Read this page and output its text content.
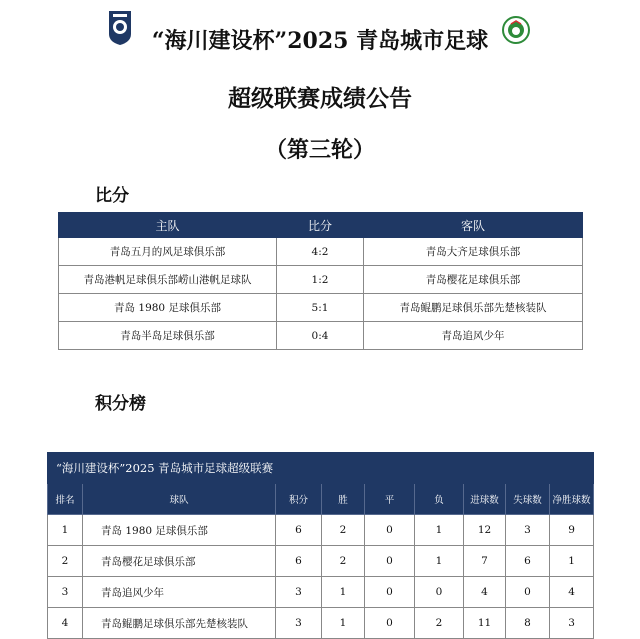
“海川建设杯”2025 青岛城市足球
超级联赛成绩公告
（第三轮）
比分
主队	比分	客队
青岛五月的风足球俱乐部	4:2	青岛大齐足球俱乐部
青岛港帆足球俱乐部崂山港帆足球队	1:2	青岛樱花足球俱乐部
青岛 1980 足球俱乐部	5:1	青岛鲲鹏足球俱乐部先楚核装队
青岛半岛足球俱乐部	0:4	青岛追风少年
积分榜
“海川建设杯”2025 青岛城市足球超级联赛								
排名	球队	积分	胜	平	负	进球数	失球数	净胜球数
1	青岛 1980 足球俱乐部	6	2	0	1	12	3	9
2	青岛樱花足球俱乐部	6	2	0	1	7	6	1
3	青岛追风少年	3	1	0	0	4	0	4
4	青岛鲲鹏足球俱乐部先楚核装队	3	1	0	2	11	8	3
